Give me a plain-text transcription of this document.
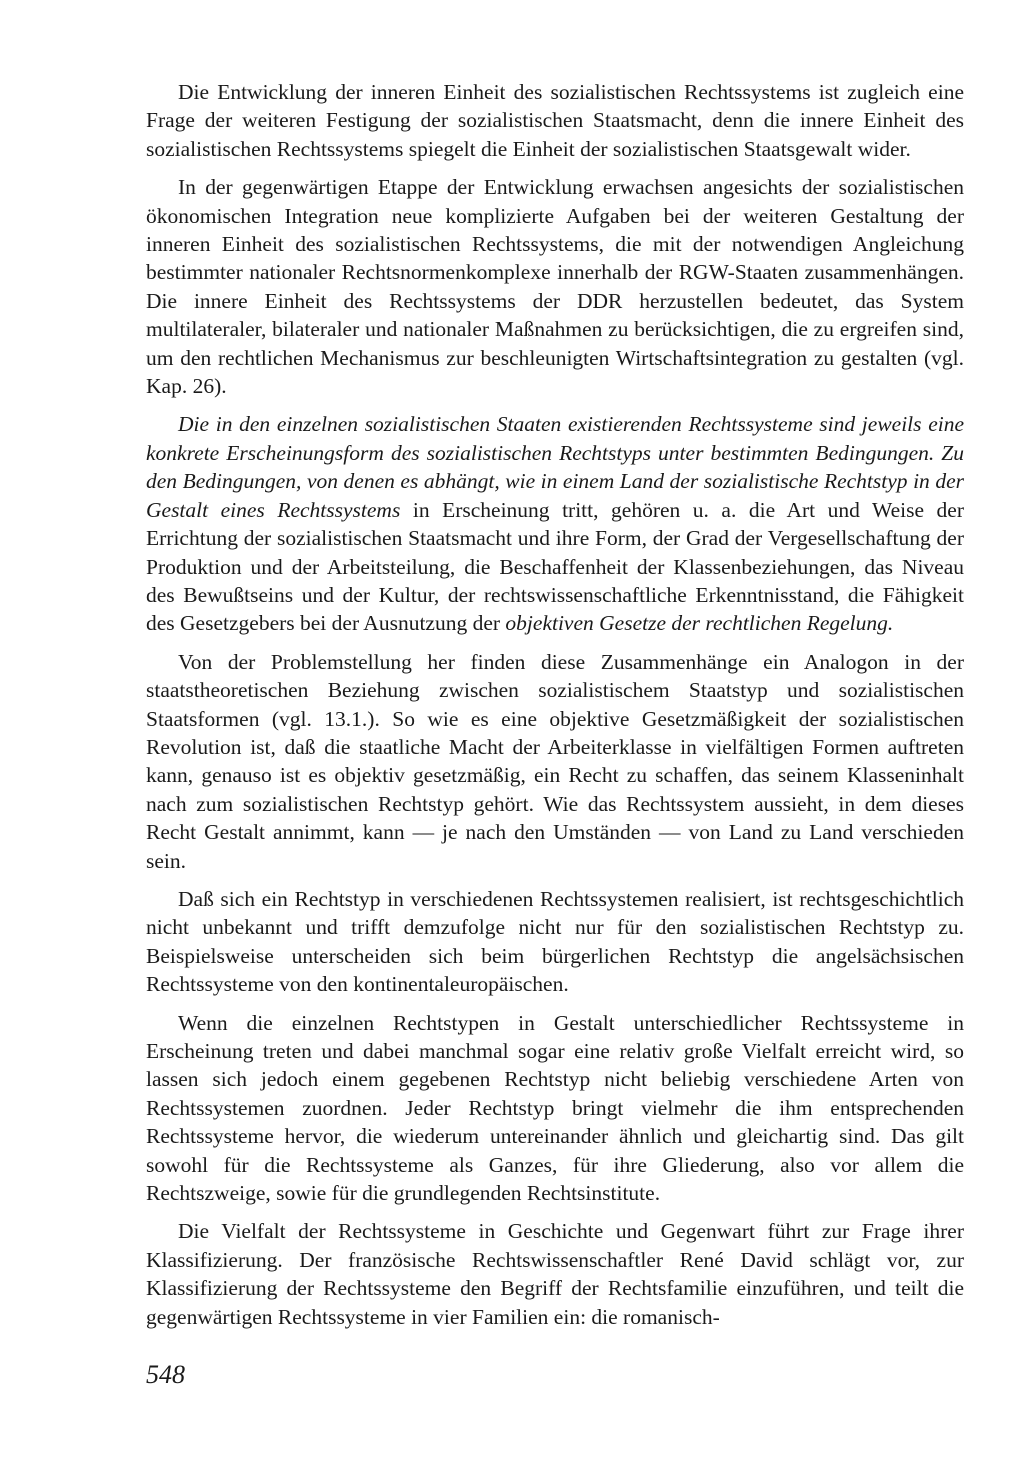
Die Entwicklung der inneren Einheit des sozialistischen Rechtssystems ist zugleich eine Frage der weiteren Festigung der sozialistischen Staatsmacht, denn die innere Einheit des sozialistischen Rechtssystems spiegelt die Einheit der sozialistischen Staatsgewalt wider.

In der gegenwärtigen Etappe der Entwicklung erwachsen angesichts der sozialistischen ökonomischen Integration neue komplizierte Aufgaben bei der weiteren Gestaltung der inneren Einheit des sozialistischen Rechtssystems, die mit der notwendigen Angleichung bestimmter nationaler Rechtsnormenkomplexe innerhalb der RGW-Staaten zusammenhängen. Die innere Einheit des Rechtssystems der DDR herzustellen bedeutet, das System multilateraler, bilateraler und nationaler Maßnahmen zu berücksichtigen, die zu ergreifen sind, um den rechtlichen Mechanismus zur beschleunigten Wirtschaftsintegration zu gestalten (vgl. Kap. 26).

Die in den einzelnen sozialistischen Staaten existierenden Rechtssysteme sind jeweils eine konkrete Erscheinungsform des sozialistischen Rechtstyps unter bestimmten Bedingungen. Zu den Bedingungen, von denen es abhängt, wie in einem Land der sozialistische Rechtstyp in der Gestalt eines Rechtssystems in Erscheinung tritt, gehören u. a. die Art und Weise der Errichtung der sozialistischen Staatsmacht und ihre Form, der Grad der Vergesellschaftung der Produktion und der Arbeitsteilung, die Beschaffenheit der Klassenbeziehungen, das Niveau des Bewußtseins und der Kultur, der rechtswissenschaftliche Erkenntnisstand, die Fähigkeit des Gesetzgebers bei der Ausnutzung der objektiven Gesetze der rechtlichen Regelung.

Von der Problemstellung her finden diese Zusammenhänge ein Analogon in der staatstheoretischen Beziehung zwischen sozialistischem Staatstyp und sozialistischen Staatsformen (vgl. 13.1.). So wie es eine objektive Gesetzmäßigkeit der sozialistischen Revolution ist, daß die staatliche Macht der Arbeiterklasse in vielfältigen Formen auftreten kann, genauso ist es objektiv gesetzmäßig, ein Recht zu schaffen, das seinem Klasseninhalt nach zum sozialistischen Rechtstyp gehört. Wie das Rechtssystem aussieht, in dem dieses Recht Gestalt annimmt, kann — je nach den Umständen — von Land zu Land verschieden sein.

Daß sich ein Rechtstyp in verschiedenen Rechtssystemen realisiert, ist rechtsgeschichtlich nicht unbekannt und trifft demzufolge nicht nur für den sozialistischen Rechtstyp zu. Beispielsweise unterscheiden sich beim bürgerlichen Rechtstyp die angelsächsischen Rechtssysteme von den kontinentaleuropäischen.

Wenn die einzelnen Rechtstypen in Gestalt unterschiedlicher Rechtssysteme in Erscheinung treten und dabei manchmal sogar eine relativ große Vielfalt erreicht wird, so lassen sich jedoch einem gegebenen Rechtstyp nicht beliebig verschiedene Arten von Rechtssystemen zuordnen. Jeder Rechtstyp bringt vielmehr die ihm entsprechenden Rechtssysteme hervor, die wiederum untereinander ähnlich und gleichartig sind. Das gilt sowohl für die Rechtssysteme als Ganzes, für ihre Gliederung, also vor allem die Rechtszweige, sowie für die grundlegenden Rechtsinstitute.

Die Vielfalt der Rechtssysteme in Geschichte und Gegenwart führt zur Frage ihrer Klassifizierung. Der französische Rechtswissenschaftler René David schlägt vor, zur Klassifizierung der Rechtssysteme den Begriff der Rechtsfamilie einzuführen, und teilt die gegenwärtigen Rechtssysteme in vier Familien ein: die romanisch-

548
